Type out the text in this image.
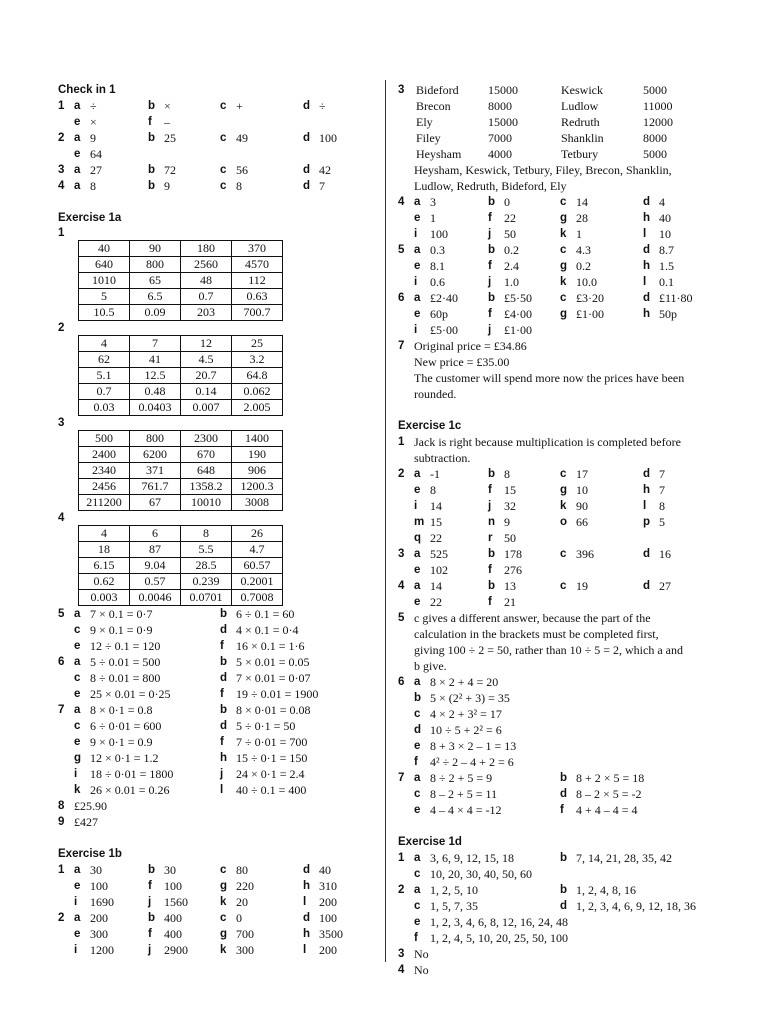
Check in 1
1 a ÷	b ×	c +	d ÷
e ×	f –
2 a 9	b 25	c 49	d 100
e 64
3 a 27	b 72	c 56	d 42
4 a 8	b 9	c 8	d 7
Exercise 1a
1
40	90	180	370
640	800	2560	4570
1010	65	48	112
5	6.5	0.7	0.63
10.5	0.09	203	700.7
2
4	7	12	25
62	41	4.5	3.2
5.1	12.5	20.7	64.8
0.7	0.48	0.14	0.062
0.03	0.0403	0.007	2.005
3
500	800	2300	1400
2400	6200	670	190
2340	371	648	906
2456	761.7	1358.2	1200.3
211200	67	10010	3008
4
4	6	8	26
18	87	5.5	4.7
6.15	9.04	28.5	60.57
0.62	0.57	0.239	0.2001
0.003	0.0046	0.0701	0.7008
5 a 7 × 0.1 = 0·7	b 6 ÷ 0.1 = 60
c 9 × 0.1 = 0·9	d 4 × 0.1 = 0·4
e 12 ÷ 0.1 = 120	f 16 × 0.1 = 1·6
6 a 5 ÷ 0.01 = 500	b 5 × 0.01 = 0.05
c 8 ÷ 0.01 = 800	d 7 × 0.01 = 0·07
e 25 × 0.01 = 0·25	f 19 ÷ 0.01 = 1900
7 a 8 × 0·1 = 0.8	b 8 × 0·01 = 0.08
c 6 ÷ 0·01 = 600	d 5 ÷ 0·1 = 50
e 9 × 0·1 = 0.9	f 7 ÷ 0·01 = 700
g 12 × 0·1 = 1.2	h 15 ÷ 0·1 = 150
i 18 ÷ 0·01 = 1800	j 24 × 0·1 = 2.4
k 26 × 0.01 = 0.26	l 40 ÷ 0.1 = 400
8 £25.90
9 £427
Exercise 1b
1 a 30	b 30	c 80	d 40
e 100	f 100	g 220	h 310
i 1690	j 1560	k 20	l 200
2 a 200	b 400	c 0	d 100
e 300	f 400	g 700	h 3500
i 1200	j 2900	k 300	l 200
3 Bideford 15000	Keswick	5000
Brecon	8000	Ludlow	11000
Ely	15000	Redruth	12000
Filey	7000	Shanklin	8000
Heysham 4000	Tetbury	5000
Heysham, Keswick, Tetbury, Filey, Brecon, Shanklin,
Ludlow, Redruth, Bideford, Ely
4 a 3	b 0	c 14	d 4
e 1	f 22	g 28	h 40
i 100	j 50	k 1	l 10
5 a 0.3	b 0.2	c 4.3	d 8.7
e 8.1	f 2.4	g 0.2	h 1.5
i 0.6	j 1.0	k 10.0	l 0.1
6 a £2·40	b £5·50 c £3·20	d £11·80
e 60p	f £4·00 g £1·00	h 50p
i £5·00	j £1·00
7 Original price = £34.86
New price = £35.00
The customer will spend more now the prices have been
rounded.
Exercise 1c
1 Jack is right because multiplication is completed before
subtraction.
2 a -1	b 8	c 17	d 7
e 8	f 15	g 10	h 7
i 14	j 32	k 90	l 8
m 15	n 9	o 66	p 5
q 22	r 50
3 a 525	b 178	c 396	d 16
e 102	f 276
4 a 14	b 13	c 19	d 27
e 22	f 21
5 c gives a different answer, because the part of the
calculation in the brackets must be completed first,
giving 100 ÷ 2 = 50, rather than 10 ÷ 5 = 2, which a and
b give.
6 a 8 × 2 + 4 = 20
b 5 × (2² + 3) = 35
c 4 × 2 + 3² = 17
d 10 ÷ 5 + 2² = 6
e 8 + 3 × 2 – 1 = 13
f 4² ÷ 2 – 4 + 2 = 6
7 a 8 ÷ 2 + 5 = 9	b 8 + 2 × 5 = 18
c 8 – 2 + 5 = 11	d 8 – 2 × 5 = -2
e 4 – 4 × 4 = -12	f 4 + 4 – 4 = 4
Exercise 1d
1 a 3, 6, 9, 12, 15, 18	b 7, 14, 21, 28, 35, 42
c 10, 20, 30, 40, 50, 60
2 a 1, 2, 5, 10	b 1, 2, 4, 8, 16
c 1, 5, 7, 35	d 1, 2, 3, 4, 6, 9, 12, 18, 36
e 1, 2, 3, 4, 6, 8, 12, 16, 24, 48
f 1, 2, 4, 5, 10, 20, 25, 50, 100
3 No
4 No
